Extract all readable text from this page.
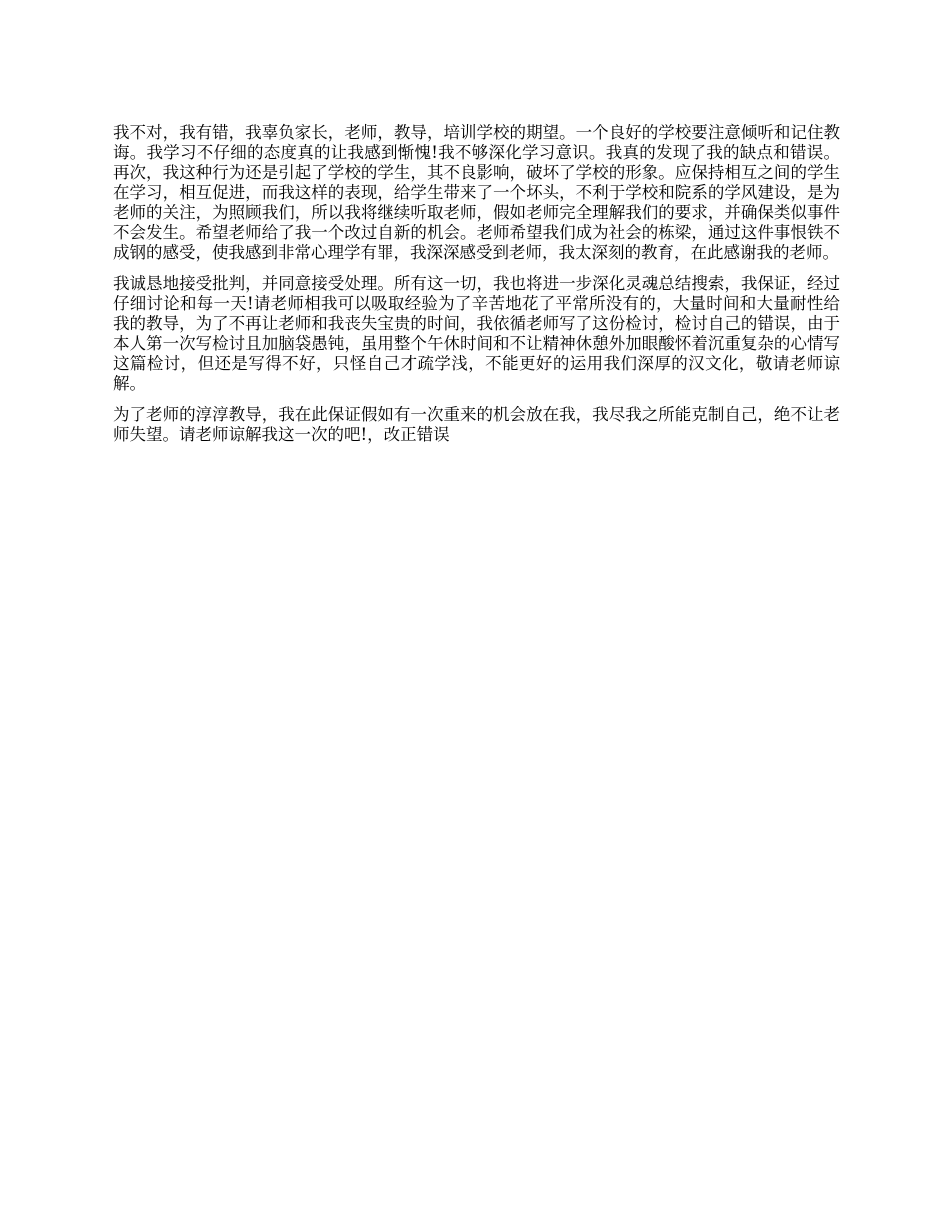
我不对，我有错，我辜负家长，老师，教导，培训学校的期望。一个良好的学校要注意倾听和记住教诲。我学习不仔细的态度真的让我感到惭愧!我不够深化学习意识。我真的发现了我的缺点和错误。再次，我这种行为还是引起了学校的学生，其不良影响，破坏了学校的形象。应保持相互之间的学生在学习，相互促进，而我这样的表现，给学生带来了一个坏头，不利于学校和院系的学风建设，是为老师的关注，为照顾我们，所以我将继续听取老师，假如老师完全理解我们的要求，并确保类似事件不会发生。希望老师给了我一个改过自新的机会。老师希望我们成为社会的栋梁，通过这件事恨铁不成钢的感受，使我感到非常心理学有罪，我深深感受到老师，我太深刻的教育，在此感谢我的老师。

我诚恳地接受批判，并同意接受处理。所有这一切，我也将进一步深化灵魂总结搜索，我保证，经过仔细讨论和每一天!请老师相我可以吸取经验为了辛苦地花了平常所没有的，大量时间和大量耐性给我的教导，为了不再让老师和我丧失宝贵的时间，我依循老师写了这份检讨，检讨自己的错误，由于本人第一次写检讨且加脑袋愚钝，虽用整个午休时间和不让精神休憩外加眼酸怀着沉重复杂的心情写这篇检讨，但还是写得不好，只怪自己才疏学浅，不能更好的运用我们深厚的汉文化，敬请老师谅解。

为了老师的淳淳教导，我在此保证假如有一次重来的机会放在我，我尽我之所能克制自己，绝不让老师失望。请老师谅解我这一次的吧!，改正错误
